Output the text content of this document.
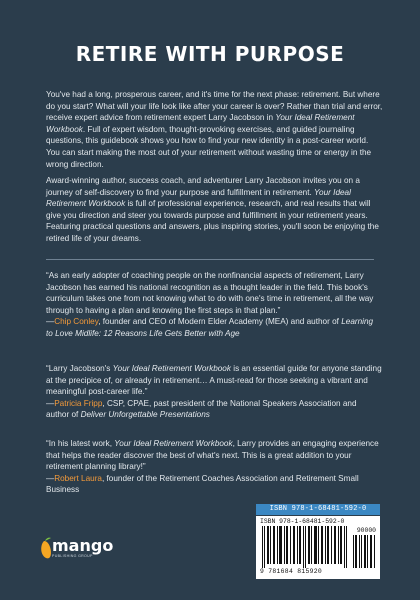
RETIRE WITH PURPOSE
You've had a long, prosperous career, and it's time for the next phase: retirement. But where do you start? What will your life look like after your career is over? Rather than trial and error, receive expert advice from retirement expert Larry Jacobson in Your Ideal Retirement Workbook. Full of expert wisdom, thought-provoking exercises, and guided journaling questions, this guidebook shows you how to find your new identity in a post-career world. You can start making the most out of your retirement without wasting time or energy in the wrong direction.
Award-winning author, success coach, and adventurer Larry Jacobson invites you on a journey of self-discovery to find your purpose and fulfillment in retirement. Your Ideal Retirement Workbook is full of professional experience, research, and real results that will give you direction and steer you towards purpose and fulfillment in your retirement years. Featuring practical questions and answers, plus inspiring stories, you'll soon be enjoying the retired life of your dreams.
“As an early adopter of coaching people on the nonfinancial aspects of retirement, Larry Jacobson has earned his national recognition as a thought leader in the field. This book's curriculum takes one from not knowing what to do with one's time in retirement, all the way through to having a plan and knowing the first steps in that plan.”
—Chip Conley, founder and CEO of Modern Elder Academy (MEA) and author of Learning to Love Midlife: 12 Reasons Life Gets Better with Age
“Larry Jacobson's Your Ideal Retirement Workbook is an essential guide for anyone standing at the precipice of, or already in retirement… A must-read for those seeking a vibrant and meaningful post-career life.”
—Patricia Fripp, CSP, CPAE, past president of the National Speakers Association and author of Deliver Unforgettable Presentations
“In his latest work, Your Ideal Retirement Workbook, Larry provides an engaging experience that helps the reader discover the best of what's next. This is a great addition to your retirement planning library!”
—Robert Laura, founder of the Retirement Coaches Association and Retirement Small Business
mango
PUBLISHING GROUP
ISBN 978-1-68481-592-0
ISBN 978-1-68481-592-0
90000
9 781684 815920
